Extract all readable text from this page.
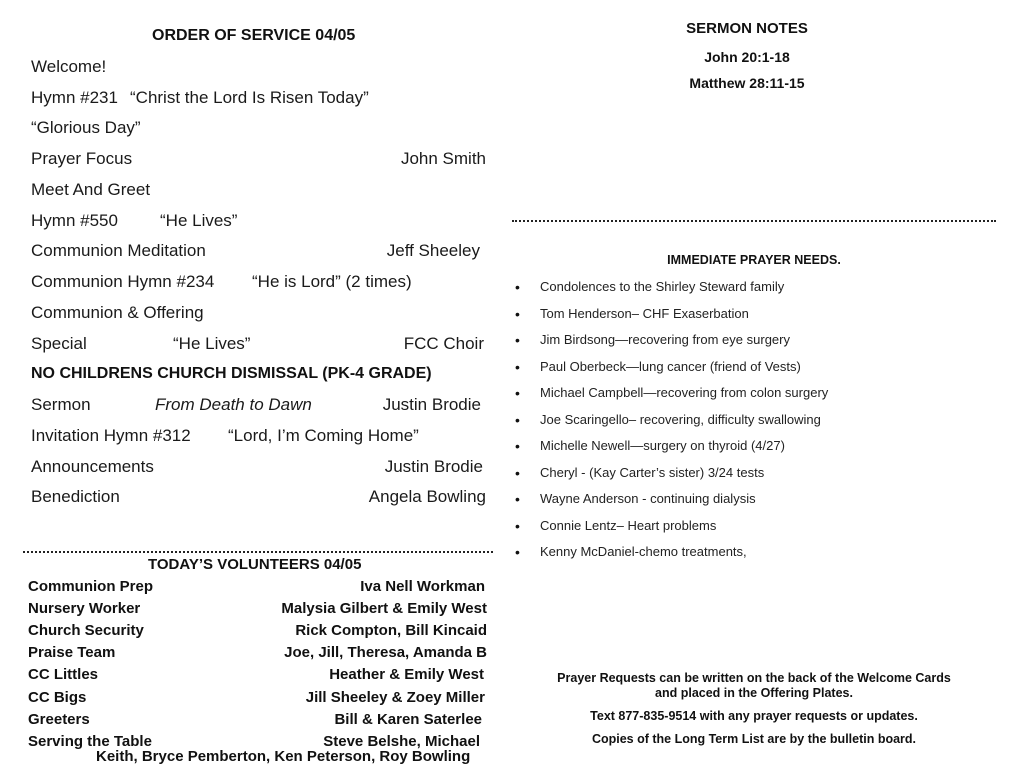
ORDER OF SERVICE 04/05
Welcome!
Hymn #231 “Christ the Lord Is Risen Today”
“Glorious Day”
Prayer Focus	John Smith
Meet And Greet
Hymn #550 “He Lives”
Communion Meditation	Jeff Sheeley
Communion Hymn #234 “He is Lord” (2 times)
Communion & Offering
Special	“He Lives”	FCC Choir
NO CHILDRENS CHURCH DISMISSAL (PK-4 GRADE)
Sermon	From Death to Dawn	Justin Brodie
Invitation Hymn #312 “Lord, I’m Coming Home”
Announcements	Justin Brodie
Benediction	Angela Bowling
TODAY’S VOLUNTEERS 04/05
Communion Prep	Iva Nell Workman
Nursery Worker	Malysia Gilbert & Emily West
Church Security	Rick Compton, Bill Kincaid
Praise Team	Joe, Jill, Theresa, Amanda B
CC Littles	Heather & Emily West
CC Bigs	Jill Sheeley & Zoey Miller
Greeters	Bill & Karen Saterlee
Serving the Table	Steve Belshe, Michael
Keith, Bryce Pemberton, Ken Peterson, Roy Bowling
SERMON NOTES
John 20:1-18
Matthew 28:11-15
IMMEDIATE PRAYER NEEDS.
• Condolences to the Shirley Steward family
• Tom Henderson– CHF Exaserbation
• Jim Birdsong—recovering from eye surgery
• Paul Oberbeck—lung cancer (friend of Vests)
• Michael Campbell—recovering from colon surgery
• Joe Scaringello– recovering, difficulty swallowing
• Michelle Newell—surgery on thyroid (4/27)
• Cheryl - (Kay Carter’s sister) 3/24 tests
• Wayne Anderson - continuing dialysis
• Connie Lentz– Heart problems
• Kenny McDaniel-chemo treatments,
Prayer Requests can be written on the back of the Welcome Cards
and placed in the Offering Plates.
Text 877-835-9514 with any prayer requests or updates.
Copies of the Long Term List are by the bulletin board.
